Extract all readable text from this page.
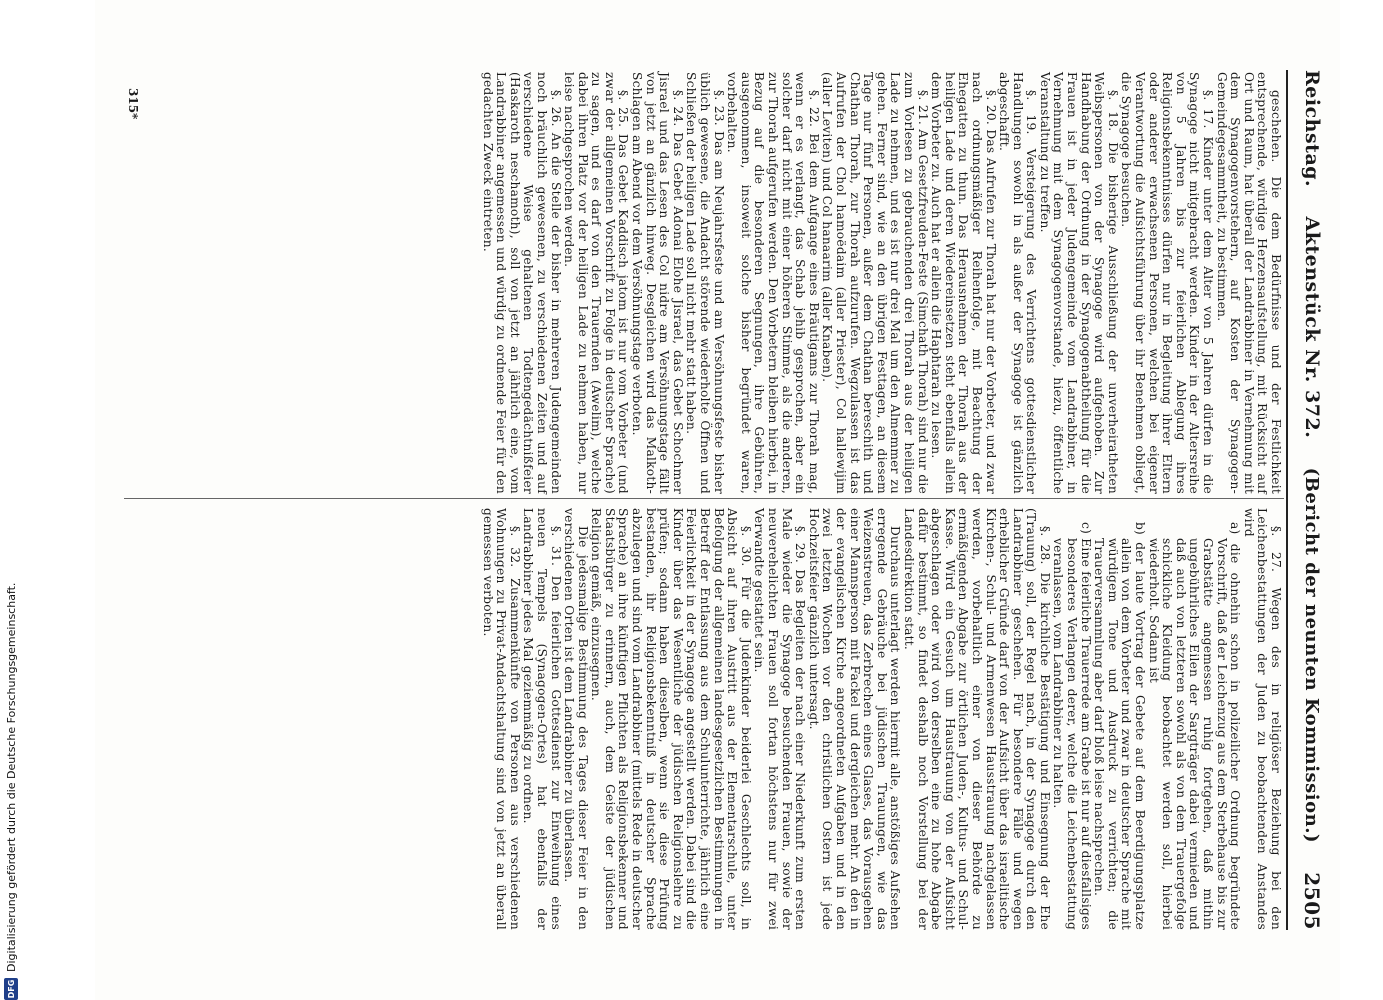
DFG
Digitalisierung gefördert durch die Deutsche Forschungsgemeinschaft.
Reichstag.
Aktenstück Nr. 372.
(Bericht der neunten Kommission.)
2505

geschehen. Die dem Bedürfnisse und der Festlichkeit entsprechende, würdige Herzensaufstellung, mit Rücksicht auf Ort und Raum, hat überall der Landrabbiner in Vernehmung mit dem Synagogenvorstehern, auf Kosten der Synagogen-Gemeindegesammtheit, zu bestimmen.

§. 17. Kinder unter dem Alter von 5 Jahren dürfen in die Synagoge nicht mitgebracht werden. Kinder in der Altersreihe von 5 Jahren bis zur feierlichen Ablegung ihres Religionsbekenntnisses dürfen nur in Begleitung ihrer Eltern oder anderer erwachsenen Personen, welchen bei eigener Verantwortung die Aufsichtsführung über ihr Benehmen obliegt, die Synagoge besuchen.

§. 18. Die bisherige Ausschließung der unverheiratheten Weibspersonen von der Synagoge wird aufgehoben. Zur Handhabung der Ordnung in der Synagogenabtheilung für die Frauen ist in jeder Judengemeinde vom Landrabbiner, in Vernehmung mit dem Synagogenvorstande, hiezu, öffentliche Veranstaltung zu treffen.

§. 19. Versteigerung des Verrichtens gottesdienstlicher Handlungen sowohl in als außer der Synagoge ist gänzlich abgeschafft.

§. 20. Das Aufrufen zur Thorah hat nur der Vorbeter, und zwar nach ordnungsmäßiger Reihenfolge, mit Beachtung der Ehegatten zu thun. Das Herausnehmen der Thorah aus der heiligen Lade und deren Wiedereinsetzen steht ebenfalls allein dem Vorbeter zu. Auch hat er allein die Haphtarah zu lesen.

§. 21. Am Gesetzfreuden-Feste (Simchath Thorah) sind nur die zum Vorlesen zu gebrauchenden drei Thorah aus der heiligen Lade zu nehmen, und es ist nur drei Mal um den Almemmer zu gehen. Ferner sind, wie an den übrigen Festtagen, an diesem Tage nur fünf Personen, außer dem Chathan bereschith und Chathan Thorah, zur Thorah aufzurufen. Wegzulassen ist das Aufrufen der Chol hamoëdaim (aller Priester), Col hallewijim (aller Leviten) und Col hanaarim (aller Knaben).

§. 22. Bei dem Aufgange eines Bräutigams zur Thorah mag, wenn er es verlangt, das Schab jehib gesprochen, aber ein solcher darf nicht mit einer höheren Stimme, als die anderen, zur Thorah aufgerufen werden. Den Vorbetern bleiben hierbei, in Bezug auf die besonderen Segnungen, ihre Gebühren, ausgenommen, insoweit solche bisher begründet waren, vorbehalten.

§. 23. Das am Neujahrsfeste und am Versöhnungsfeste bisher üblich gewesene, die Andacht störende wiederholte Öffnen und Schließen der heiligen Lade soll nicht mehr statt haben.

§. 24. Das Gebet Adonai Elohe Jisrael, das Gebet Schochmer Jisrael und das Lesen des Col nidre am Versöhnungstage fällt von jetzt an gänzlich hinweg. Desgleichen wird das Malkoth-Schlagen am Abend vor dem Versöhnungstage verboten.

§. 25. Das Gebet Kaddisch jatom ist nur vom Vorbeter (und zwar der allgemeinen Vorschrift zu Folge in deutscher Sprache) zu sagen, und es darf von den Trauernden (Awelim), welche dabei ihren Platz vor der heiligen Lade zu nehmen haben, nur leise nachgesprochen werden.

§. 26. An die Stelle der bisher in mehreren Judengemeinden noch bräuchlich gewesenen, zu verschiedenen Zeiten und auf verschiedene Weise gehaltenen Todtengedächtnißfeier (Haskaroth neschamoth), soll von jetzt an jährlich eine, vom Landrabbiner angemessen und würdig zu ordnende Feier für den gedachten Zweck eintreten.

§. 27. Wegen des in religiöser Beziehung bei den Leichenbestattungen der Juden zu beobachtenden Anstandes wird

a) die ohnehin schon in polizeilicher Ordnung begründete Vorschrift, daß der Leichenzug aus dem Sterbehause bis zur Grabstätte angemessen ruhig fortgehen, daß mithin ungebührliches Eilen der Sargträger dabei vermieden und daß auch von letzteren sowohl als von dem Trauergefolge schickliche Kleidung beobachtet werden soll, hierbei wiederholt. Sodann ist

b) der laute Vortrag der Gebete auf dem Beerdigungsplatze allein von dem Vorbeter und zwar in deutscher Sprache mit würdigem Tone und Ausdruck zu verrichten; die Trauerversammlung aber darf bloß leise nachsprechen.

c) Eine feierliche Trauerrede am Grabe ist nur auf diesfallsiges besonderes Verlangen derer, welche die Leichenbestattung veranlassen, vom Landrabbiner zu halten.

§. 28. Die kirchliche Bestätigung und Einsegnung der Ehe (Trauung) soll, der Regel nach, in der Synagoge durch den Landrabbiner geschehen. Für besondere Fälle und wegen erheblicher Gründe darf von der Aufsicht über das israelitische Kirchen-, Schul- und Armenwesen Hausstrauung nachgelassen werden, vorbehaltlich einer von dieser Behörde zu ermäßigenden Abgabe zur örtlichen Juden-, Kultus- und Schul-Kasse. Wird ein Gesuch um Haustrauung von der Aufsicht abgeschlagen oder wird von derselben eine zu hohe Abgabe dafür bestimmt, so findet deshalb noch Vorstellung bei der Landesdirektion statt.

Durchaus unterlagt werden hiermit alle, anstößiges Aufsehen erregende Gebräuche bei jüdischen Trauungen, wie das Weizenstreuen, das Zerbrechen eines Glases, das Vorausgehen einer Mannsperson mit Fackel und dergleichen mehr. An den in der evangelischen Kirche angeordneten Aufgaben und in den zwei letzten Wochen vor den christlichen Ostern ist jede Hochzeitsfeier gänzlich untersagt.

§. 29. Das Begleiten der nach einer Niederkunft zum ersten Male wieder die Synagoge besuchenden Frauen, sowie der neuverehelichten Frauen soll fortan höchstens nur für zwei Verwandte gestattet sein.

§. 30. Für die Judenkinder beiderlei Geschlechts soll, in Absicht auf ihren Austritt aus der Elementarschule, unter Befolgung der allgemeinen landesgesetzlichen Bestimmungen in Betreff der Entlassung aus dem Schulunterrichte, jährlich eine Feierlichkeit in der Synagoge angestellt werden. Dabei sind die Kinder über das Wesentliche der jüdischen Religionslehre zu prüfen; sodann haben dieselben, wenn sie diese Prüfung bestanden, ihr Religionsbekenntniß in deutscher Sprache abzulegen und sind vom Landrabbiner (mittels Rede in deutscher Sprache) an ihre künftigen Pflichten als Religionsbekenner und Staatsbürger zu erinnern, auch, dem Geiste der jüdischen Religion gemäß, einzusegnen.

Die jedesmalige Bestimmung des Tages dieser Feier in den verschiedenen Orten ist dem Landrabbiner zu überlassen.

§. 31. Den feierlichen Gottesdienst zur Einweihung eines neuen Tempels (Synagogen-Ortes) hat ebenfalls der Landrabbiner jedes Mal geziemmäßig zu ordnen.

§. 32. Zusammenkünfte von Personen aus verschiedenen Wohnungen zu Privat-Andachtshaltung sind von jetzt an überall gemessen verboten.

315*
